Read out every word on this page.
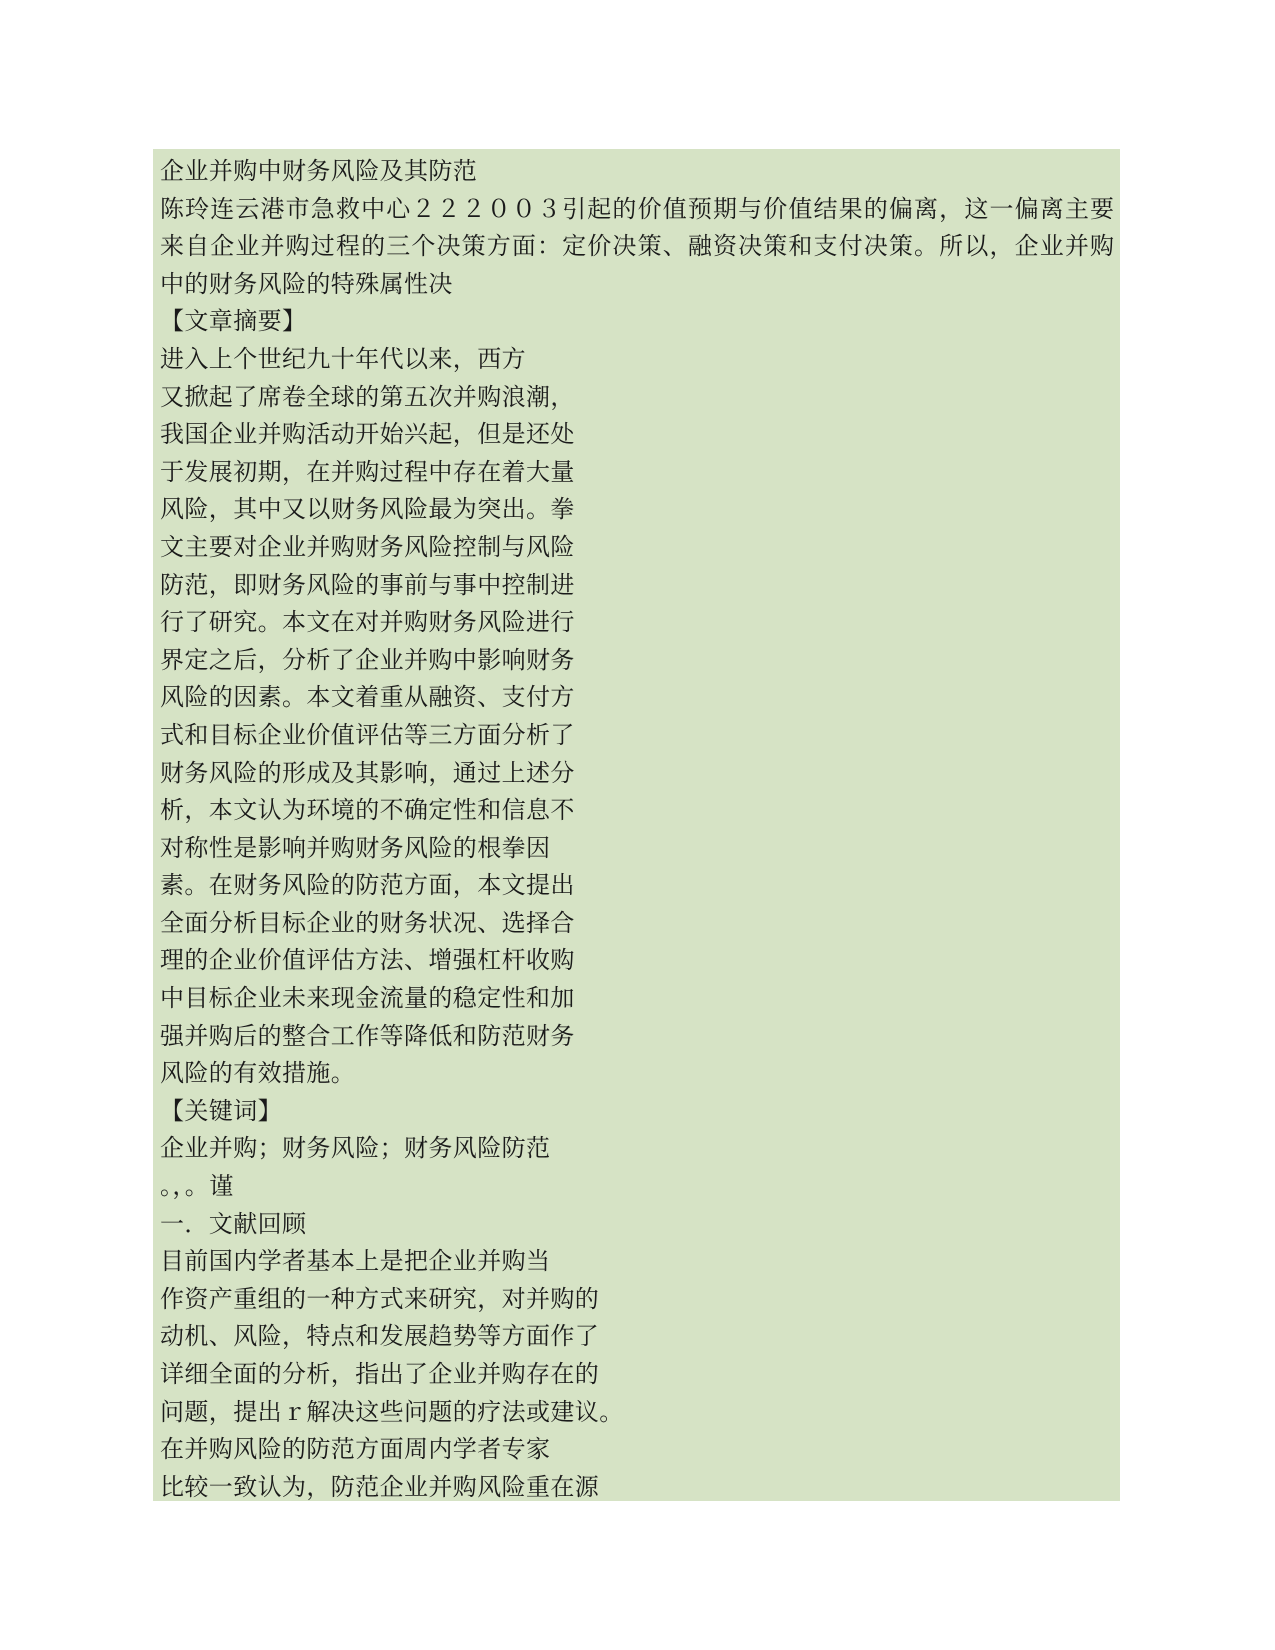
企业并购中财务风险及其防范
陈玲连云港市急救中心２２２００３引起的价值预期与价值结果的偏离，这一偏离主要
来自企业并购过程的三个决策方面：定价决策、融资决策和支付决策。所以，企业并购
中的财务风险的特殊属性决
【文章摘要】
进入上个世纪九十年代以来，西方
又掀起了席卷全球的第五次并购浪潮，
我国企业并购活动开始兴起，但是还处
于发展初期，在并购过程中存在着大量
风险，其中又以财务风险最为突出。拳
文主要对企业并购财务风险控制与风险
防范，即财务风险的事前与事中控制进
行了研究。本文在对并购财务风险进行
界定之后，分析了企业并购中影响财务
风险的因素。本文着重从融资、支付方
式和目标企业价值评估等三方面分析了
财务风险的形成及其影响，通过上述分
析，本文认为环境的不确定性和信息不
对称性是影响并购财务风险的根拳因
素。在财务风险的防范方面，本文提出
全面分析目标企业的财务状况、选择合
理的企业价值评估方法、增强杠杆收购
中目标企业未来现金流量的稳定性和加
强并购后的整合工作等降低和防范财务
风险的有效措施。
【关键词】
企业并购；财务风险；财务风险防范
。，。谨
一．文献回顾
目前国内学者基本上是把企业并购当
作资产重组的一种方式来研究，对并购的
动机、风险，特点和发展趋势等方面作了
详细全面的分析，指出了企业并购存在的
问题，提出ｒ解决这些问题的疗法或建议。
在并购风险的防范方面周内学者专家
比较一致认为，防范企业并购风险重在源
